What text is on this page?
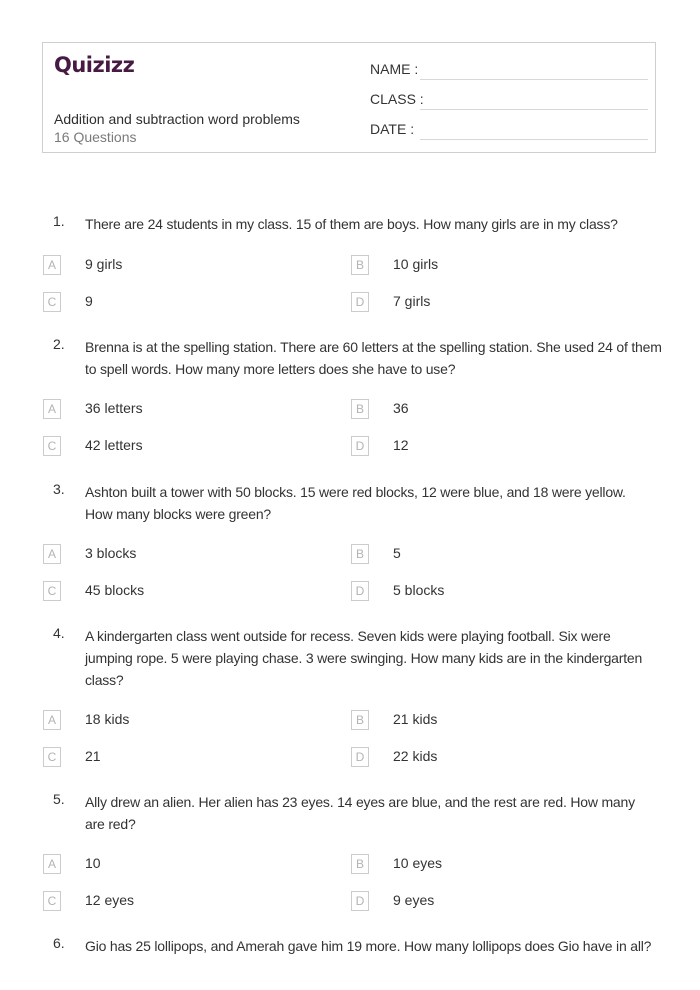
Quizizz
Addition and subtraction word problems
16 Questions
NAME :
CLASS :
DATE :
1. There are 24 students in my class. 15 of them are boys. How many girls are in my class?
A	9 girls	B	10 girls
C	9	D	7 girls
2. Brenna is at the spelling station. There are 60 letters at the spelling station. She used 24 of them to spell words. How many more letters does she have to use?
A	36 letters	B	36
C	42 letters	D	12
3. Ashton built a tower with 50 blocks. 15 were red blocks, 12 were blue, and 18 were yellow. How many blocks were green?
A	3 blocks	B	5
C	45 blocks	D	5 blocks
4. A kindergarten class went outside for recess. Seven kids were playing football. Six were jumping rope. 5 were playing chase. 3 were swinging. How many kids are in the kindergarten class?
A	18 kids	B	21 kids
C	21	D	22 kids
5. Ally drew an alien. Her alien has 23 eyes. 14 eyes are blue, and the rest are red. How many are red?
A	10	B	10 eyes
C	12 eyes	D	9 eyes
6. Gio has 25 lollipops, and Amerah gave him 19 more. How many lollipops does Gio have in all?
